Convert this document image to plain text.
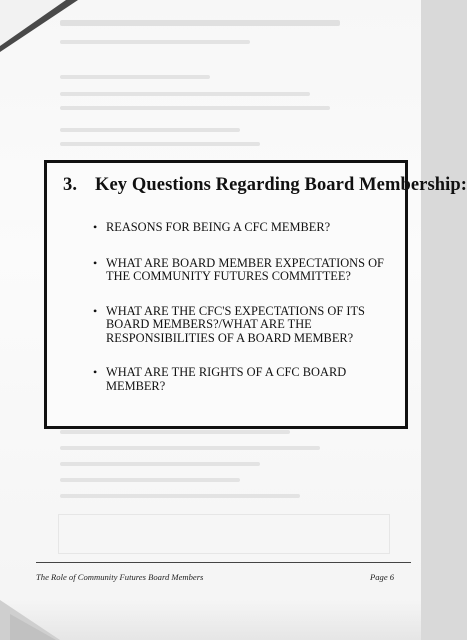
3. Key Questions Regarding Board Membership:
• REASONS FOR BEING A CFC MEMBER?
• WHAT ARE BOARD MEMBER EXPECTATIONS OF THE COMMUNITY FUTURES COMMITTEE?
• WHAT ARE THE CFC'S EXPECTATIONS OF ITS BOARD MEMBERS?/WHAT ARE THE RESPONSIBILITIES OF A BOARD MEMBER?
• WHAT ARE THE RIGHTS OF A CFC BOARD MEMBER?
The Role of Community Futures Board Members	Page 6
